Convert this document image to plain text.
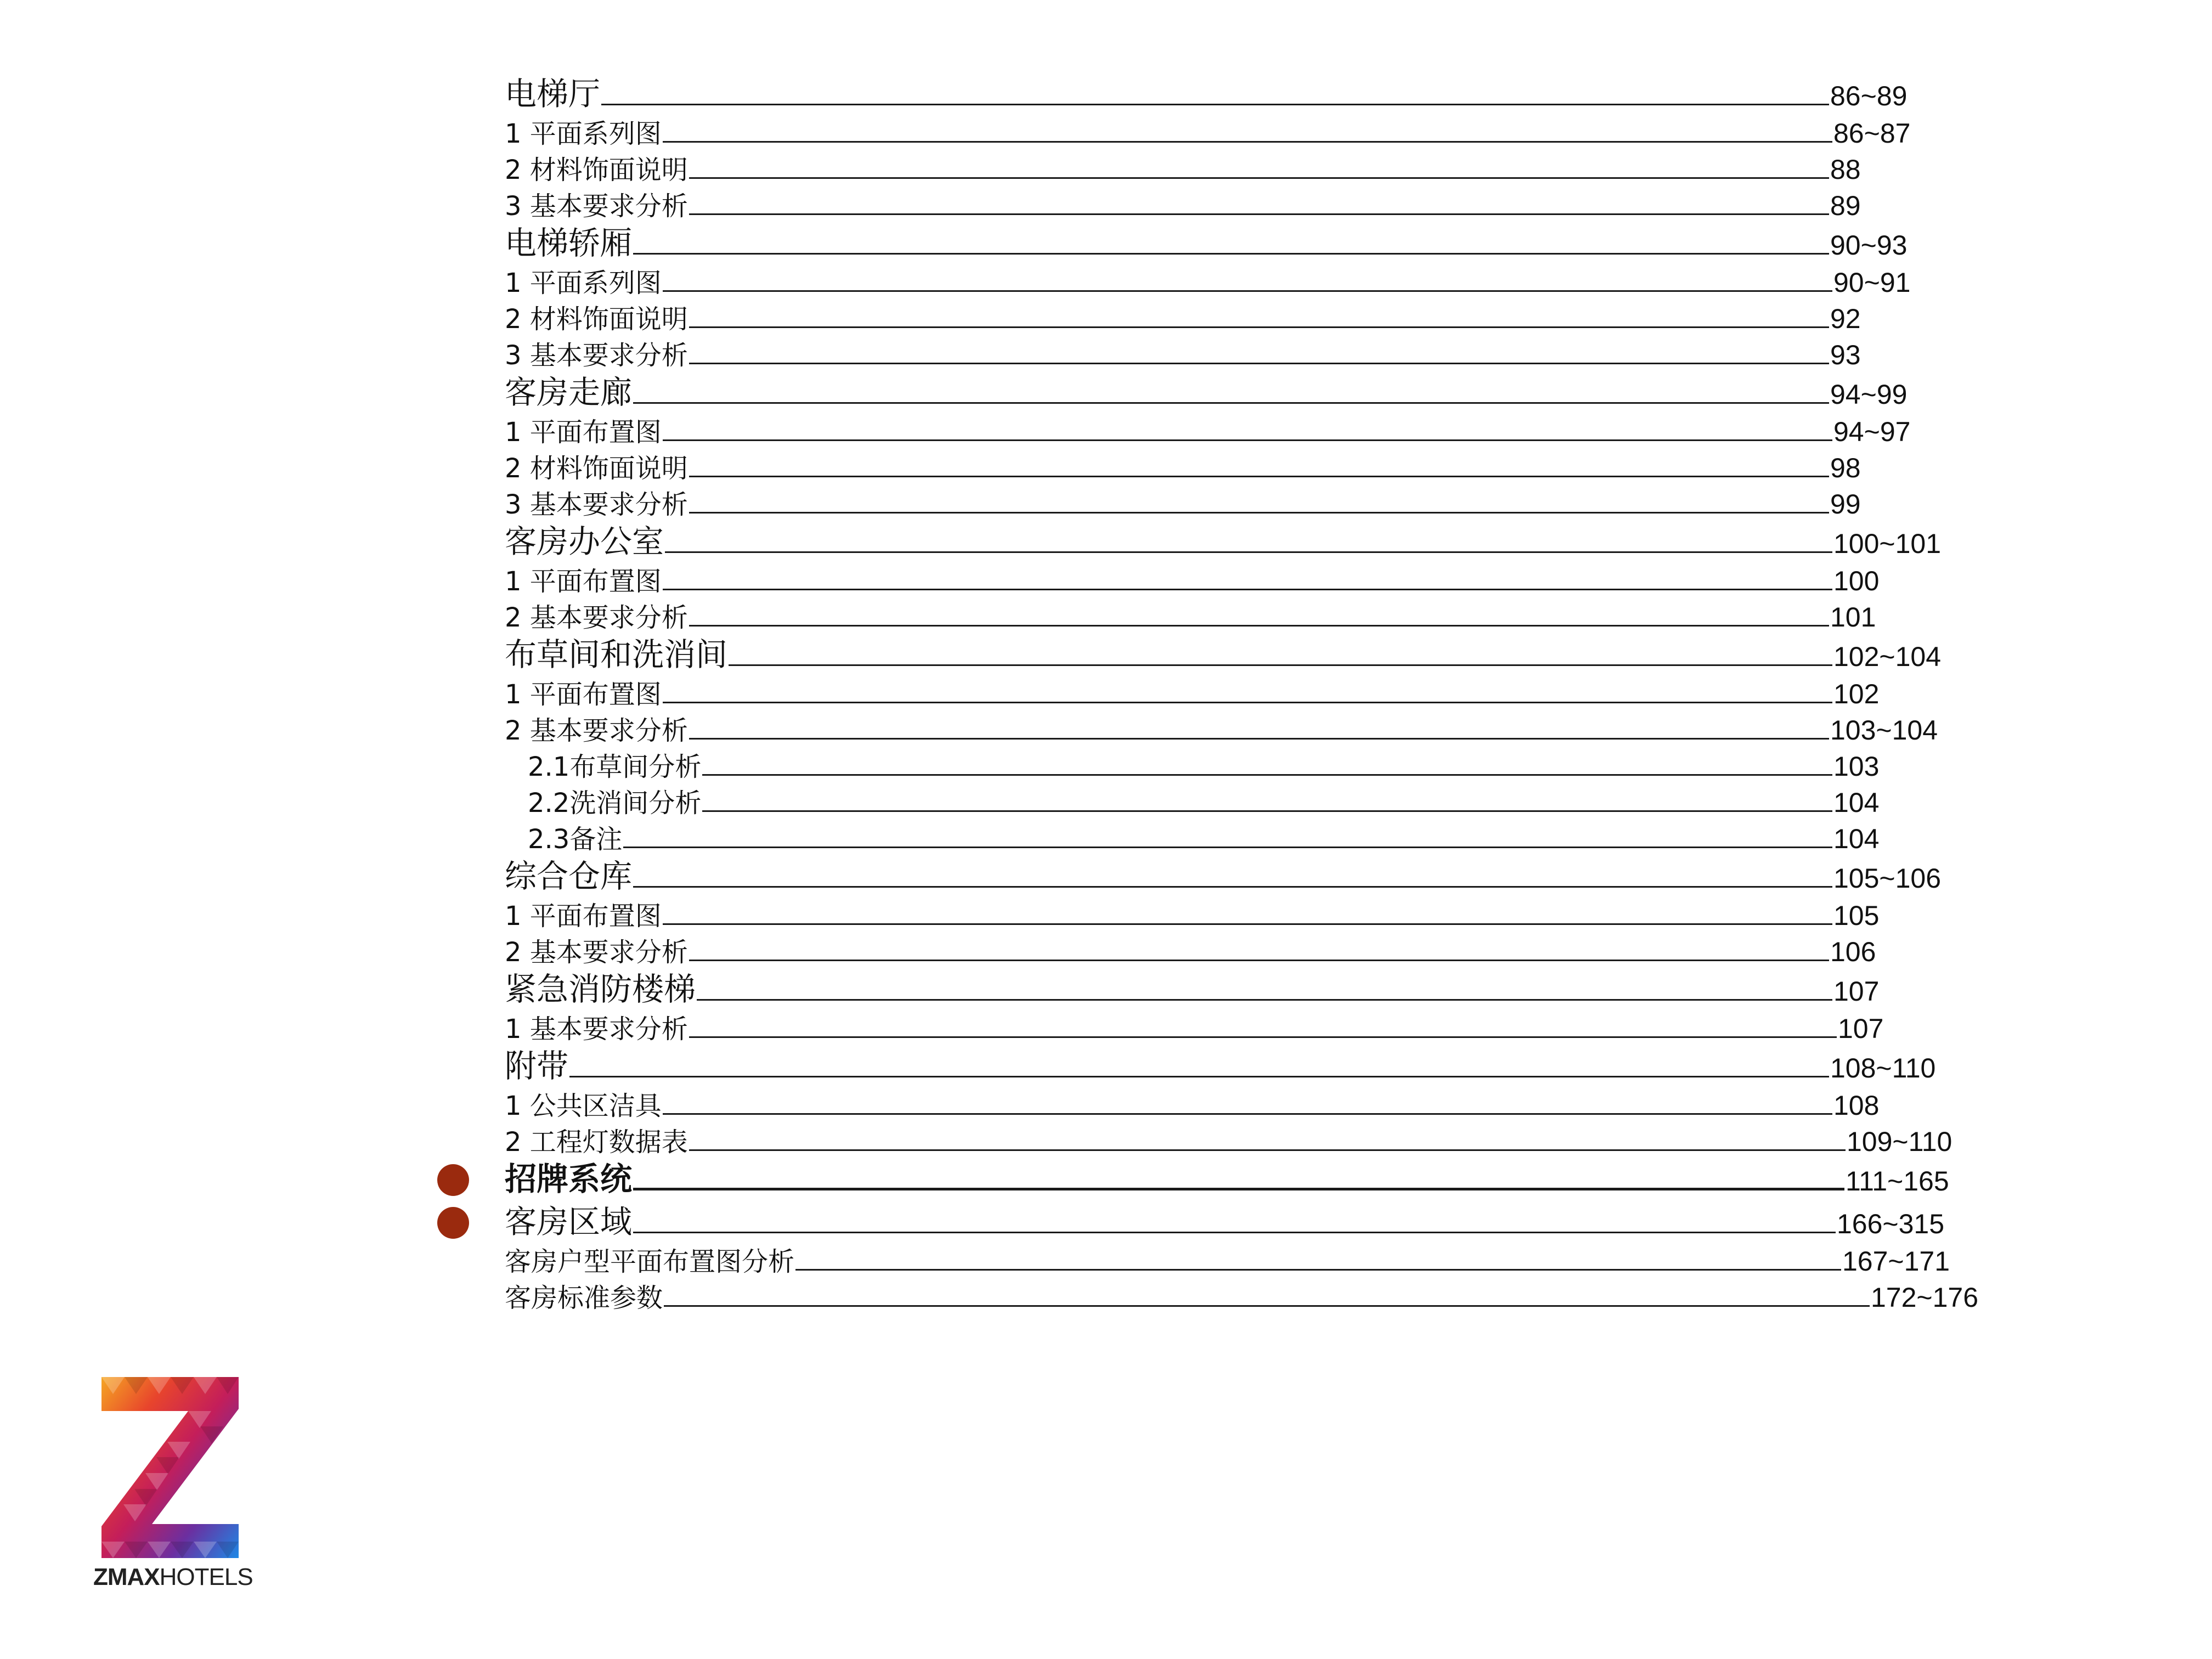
电梯厅	86~89
1 平面系列图	86~87
2 材料饰面说明	88
3 基本要求分析	89
电梯轿厢	90~93
1 平面系列图	90~91
2 材料饰面说明	92
3 基本要求分析	93
客房走廊	94~99
1 平面布置图	94~97
2 材料饰面说明	98
3 基本要求分析	99
客房办公室	100~101
1 平面布置图	100
2 基本要求分析	101
布草间和洗消间	102~104
1 平面布置图	102
2 基本要求分析	103~104
2.1布草间分析	103
2.2洗消间分析	104
2.3备注	104
综合仓库	105~106
1 平面布置图	105
2 基本要求分析	106
紧急消防楼梯	107
1 基本要求分析	107
附带	108~110
1 公共区洁具	108
2 工程灯数据表	109~110
招牌系统	111~165
客房区域	166~315
客房户型平面布置图分析	167~171
客房标准参数	172~176
ZMAXHOTELS
